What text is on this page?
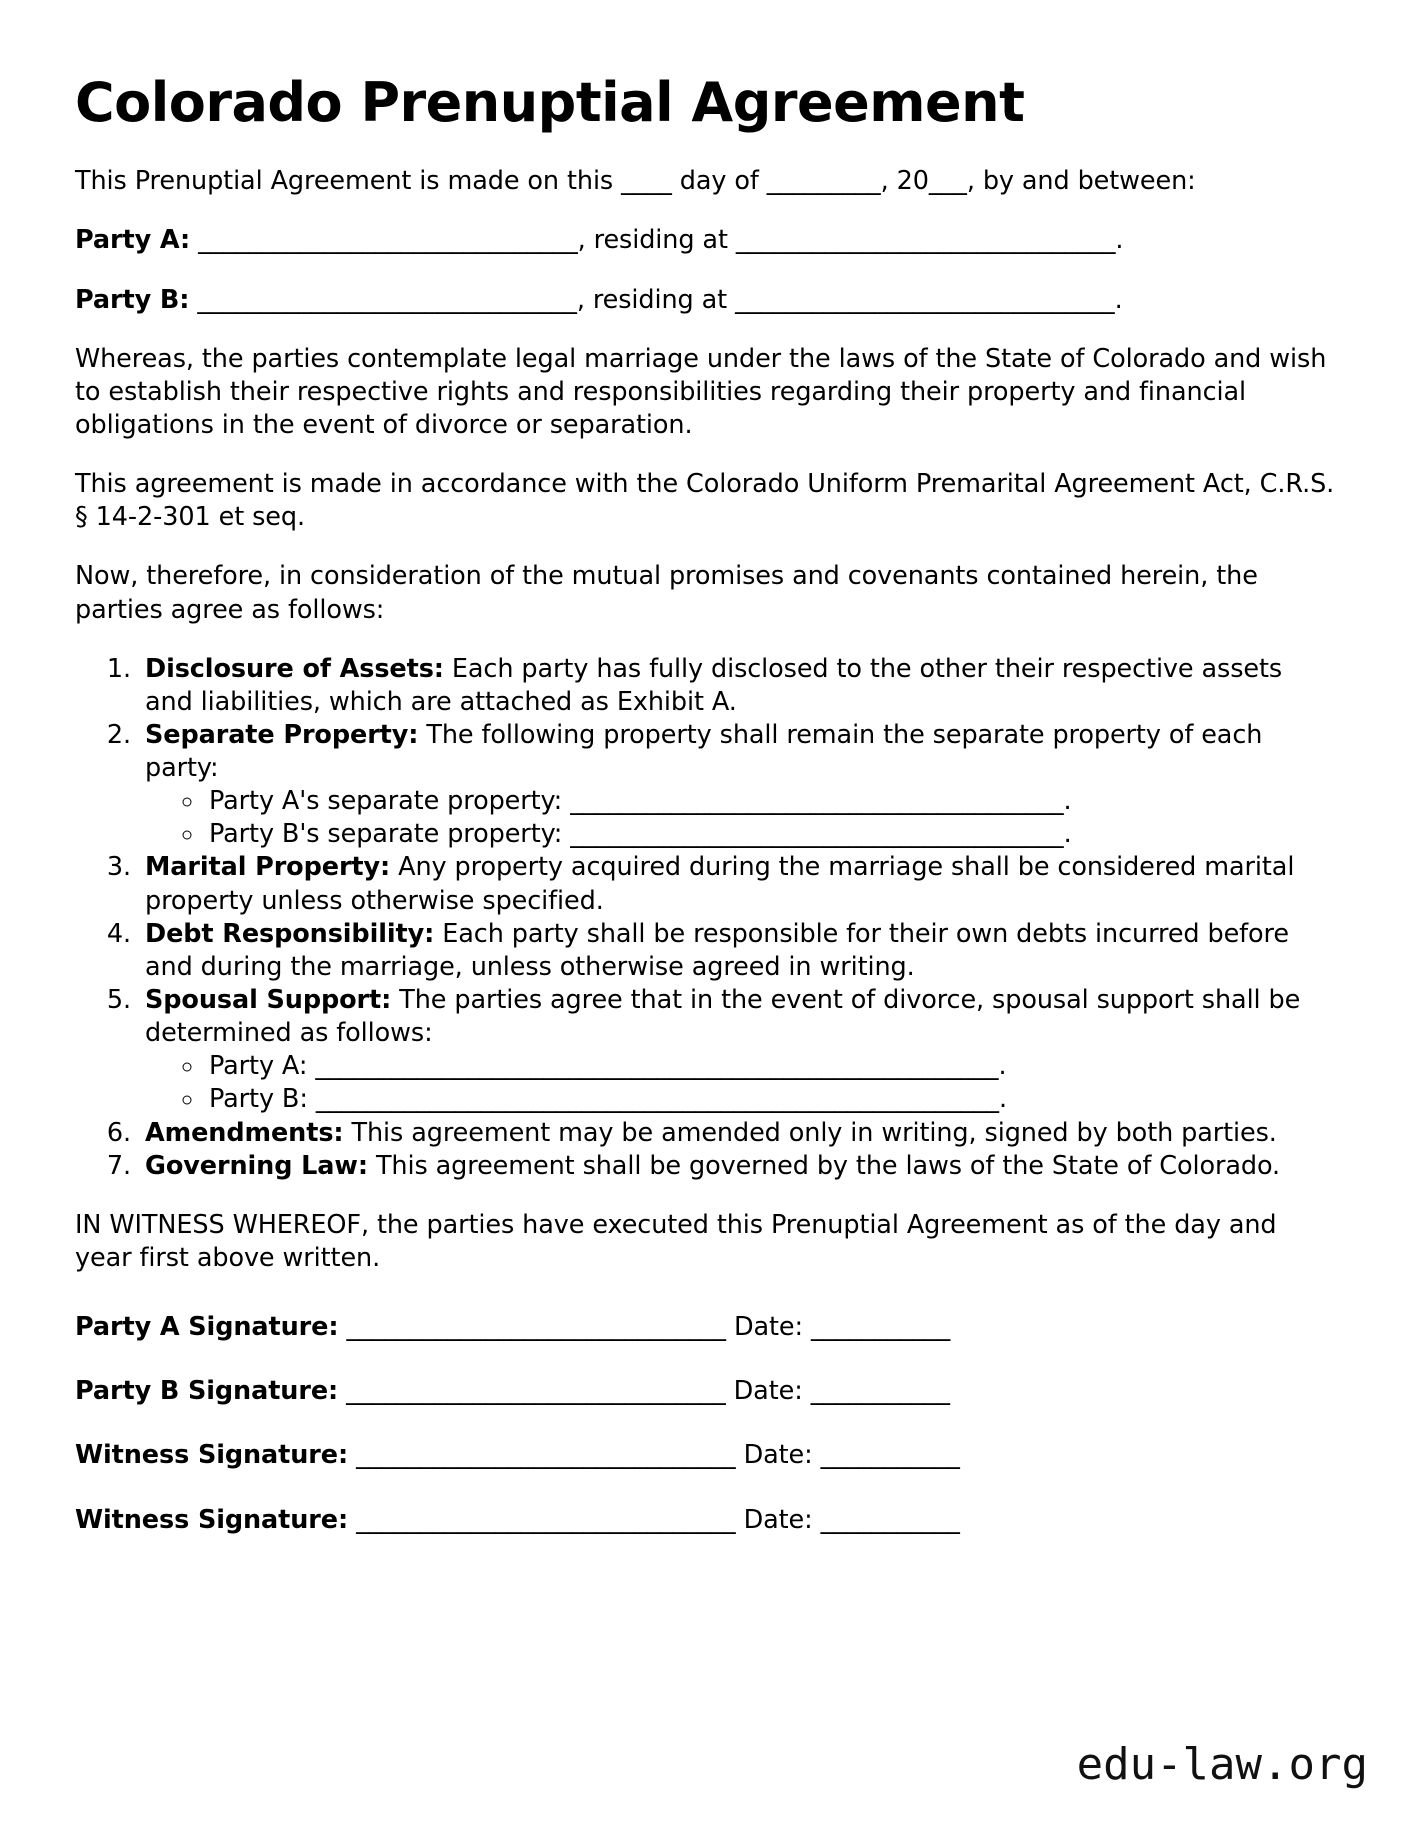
Colorado Prenuptial Agreement

This Prenuptial Agreement is made on this ____ day of _________, 20___, by and between:

Party A: ______________________________, residing at ______________________________.

Party B: ______________________________, residing at ______________________________.

Whereas, the parties contemplate legal marriage under the laws of the State of Colorado and wish to establish their respective rights and responsibilities regarding their property and financial obligations in the event of divorce or separation.

This agreement is made in accordance with the Colorado Uniform Premarital Agreement Act, C.R.S. § 14-2-301 et seq.

Now, therefore, in consideration of the mutual promises and covenants contained herein, the parties agree as follows:

1. Disclosure of Assets: Each party has fully disclosed to the other their respective assets and liabilities, which are attached as Exhibit A.
2. Separate Property: The following property shall remain the separate property of each party:
◦ Party A's separate property: _______________________________________.
◦ Party B's separate property: _______________________________________.
3. Marital Property: Any property acquired during the marriage shall be considered marital property unless otherwise specified.
4. Debt Responsibility: Each party shall be responsible for their own debts incurred before and during the marriage, unless otherwise agreed in writing.
5. Spousal Support: The parties agree that in the event of divorce, spousal support shall be determined as follows:
◦ Party A: ______________________________________________________.
◦ Party B: ______________________________________________________.
6. Amendments: This agreement may be amended only in writing, signed by both parties.
7. Governing Law: This agreement shall be governed by the laws of the State of Colorado.

IN WITNESS WHEREOF, the parties have executed this Prenuptial Agreement as of the day and year first above written.

Party A Signature: ______________________________ Date: ___________

Party B Signature: ______________________________ Date: ___________

Witness Signature: ______________________________ Date: ___________

Witness Signature: ______________________________ Date: ___________

edu-law.org
